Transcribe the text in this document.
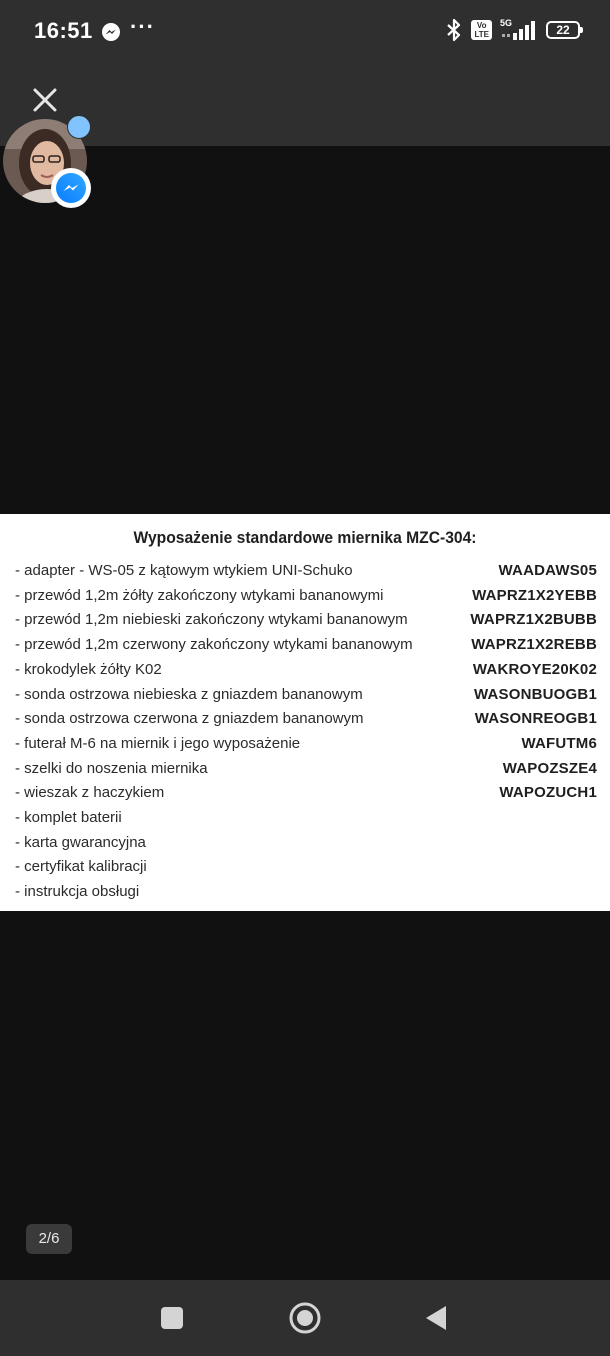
16:51 ···	Vo
LTE
5G	22
Wyposażenie standardowe miernika MZC-304:
- adapter - WS-05 z kątowym wtykiem UNI-Schuko	WAADAWS05
- przewód 1,2m żółty zakończony wtykami bananowymi	WAPRZ1X2YEBB
- przewód 1,2m niebieski zakończony wtykami bananowym	WAPRZ1X2BUBB
- przewód 1,2m czerwony zakończony wtykami bananowym	WAPRZ1X2REBB
- krokodylek żółty K02	WAKROYE20K02
- sonda ostrzowa niebieska z gniazdem bananowym	WASONBUOGB1
- sonda ostrzowa czerwona z gniazdem bananowym	WASONREOGB1
- futerał M-6 na miernik i jego wyposażenie	WAFUTM6
- szelki do noszenia miernika	WAPOZSZE4
- wieszak z haczykiem	WAPOZUCH1
- komplet baterii
- karta gwarancyjna
- certyfikat kalibracji
- instrukcja obsługi
2/6
